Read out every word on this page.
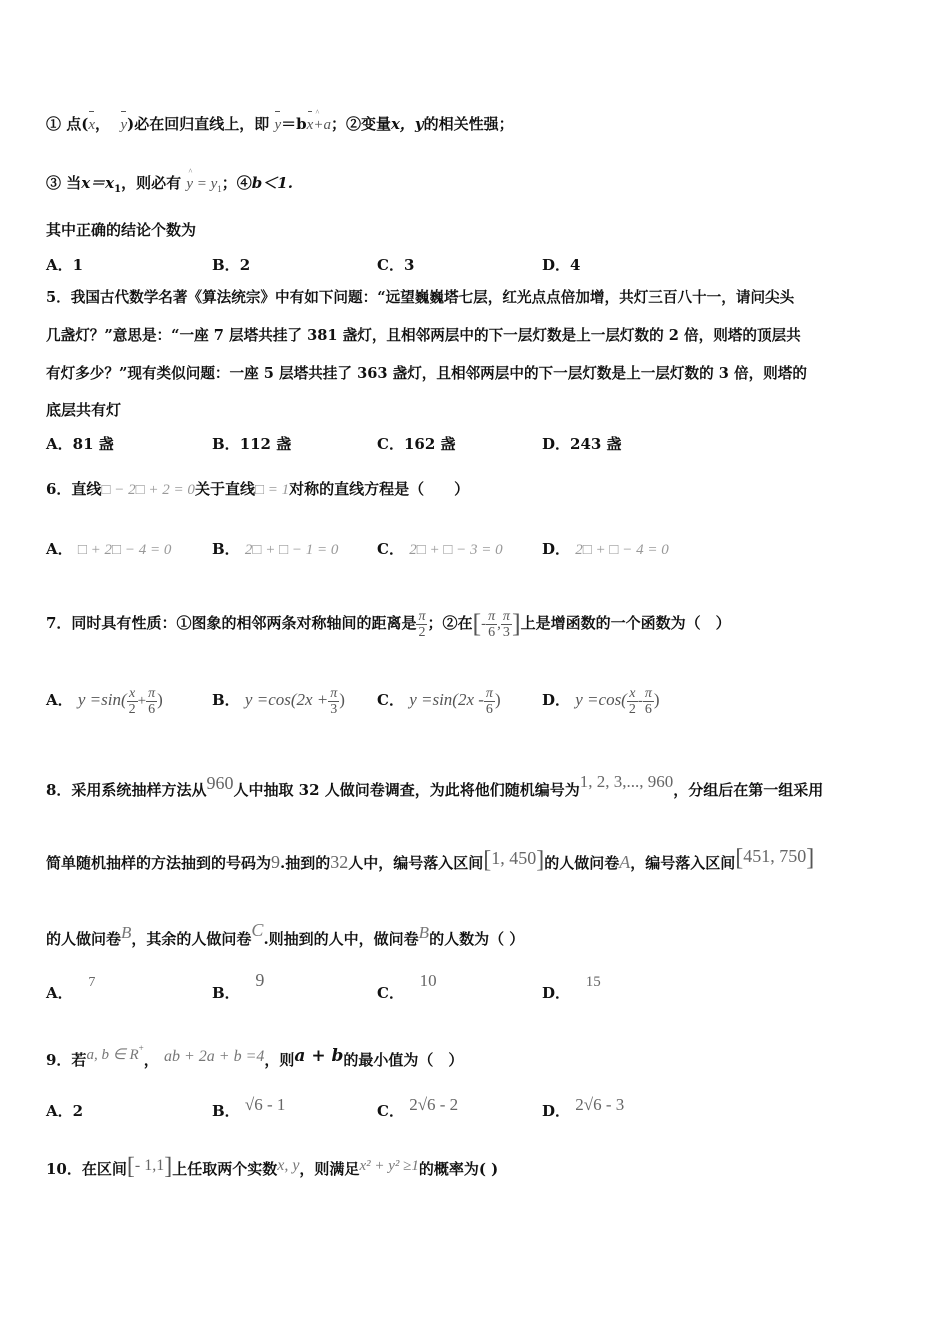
① 点(x， y)必在回归直线上，即 y＝bx^ +a；②变量x，y的相关性强；
③ 当$x=x_1$，则必有 ^ $y = y_1$；④b＜1.
其中正确的结论个数为
A．1	B．2	C．3	D．4
5．我国古代数学名著《算法统宗》中有如下问题：“远望巍巍塔七层，红光点点倍加增，共灯三百八十一，请问尖头
几盏灯？”意思是：“一座 7 层塔共挂了 381 盏灯，且相邻两层中的下一层灯数是上一层灯数的 2 倍，则塔的顶层共
有灯多少？”现有类似问题：一座 5 层塔共挂了 363 盏灯，且相邻两层中的下一层灯数是上一层灯数的 3 倍，则塔的
底层共有灯
A．81 盏	B．112 盏	C．162 盏	D．243 盏
6．直线□ − 2□ + 2 = 0关于直线□ = 1对称的直线方程是（　　）
A． □ + 2□ − 4 = 0	B． 2□ + □ − 1 = 0	C． 2□ + □ − 3 = 0	D． 2□ + □ − 4 = 0
7．同时具有性质：①图象的相邻两条对称轴间的距离是 $\frac{\pi}{2}$ ；②在[- $\frac{\pi}{6}$ , $\frac{\pi}{3}$ ]上是增函数的一个函数为（　）
A． $y =\sin( \frac{x}{2} + \frac{\pi}{6}$ )	B． $y =\cos(2x + \frac{\pi}{3}$ ) C． $y =\sin(2x - \frac{\pi}{6}$ )	D． $y =\cos( \frac{x}{2} - \frac{\pi}{6}$ )
8．采用系统抽样方法从960人中抽取 32 人做问卷调查，为此将他们随机编号为1, 2, 3,..., 960，分组后在第一组采用
简单随机抽样的方法抽到的号码为9.抽到的32人中，编号落入区间[1, 450]的人做问卷A，编号落入区间[451, 750]
的人做问卷B，其余的人做问卷C.则抽到的人中，做问卷B的人数为（ ）
A．   7
B．   9
C．   10
D．   15
9．若a, b ∈ R+， ab + 2a + b =4，则a + b的最小值为（　）
A．2	B． √6 - 1	C． 2√6 - 2	D． 2√6 - 3
10．在区间[- 1,1]上任取两个实数x, y，则满足x² + y² ≥1的概率为( )
